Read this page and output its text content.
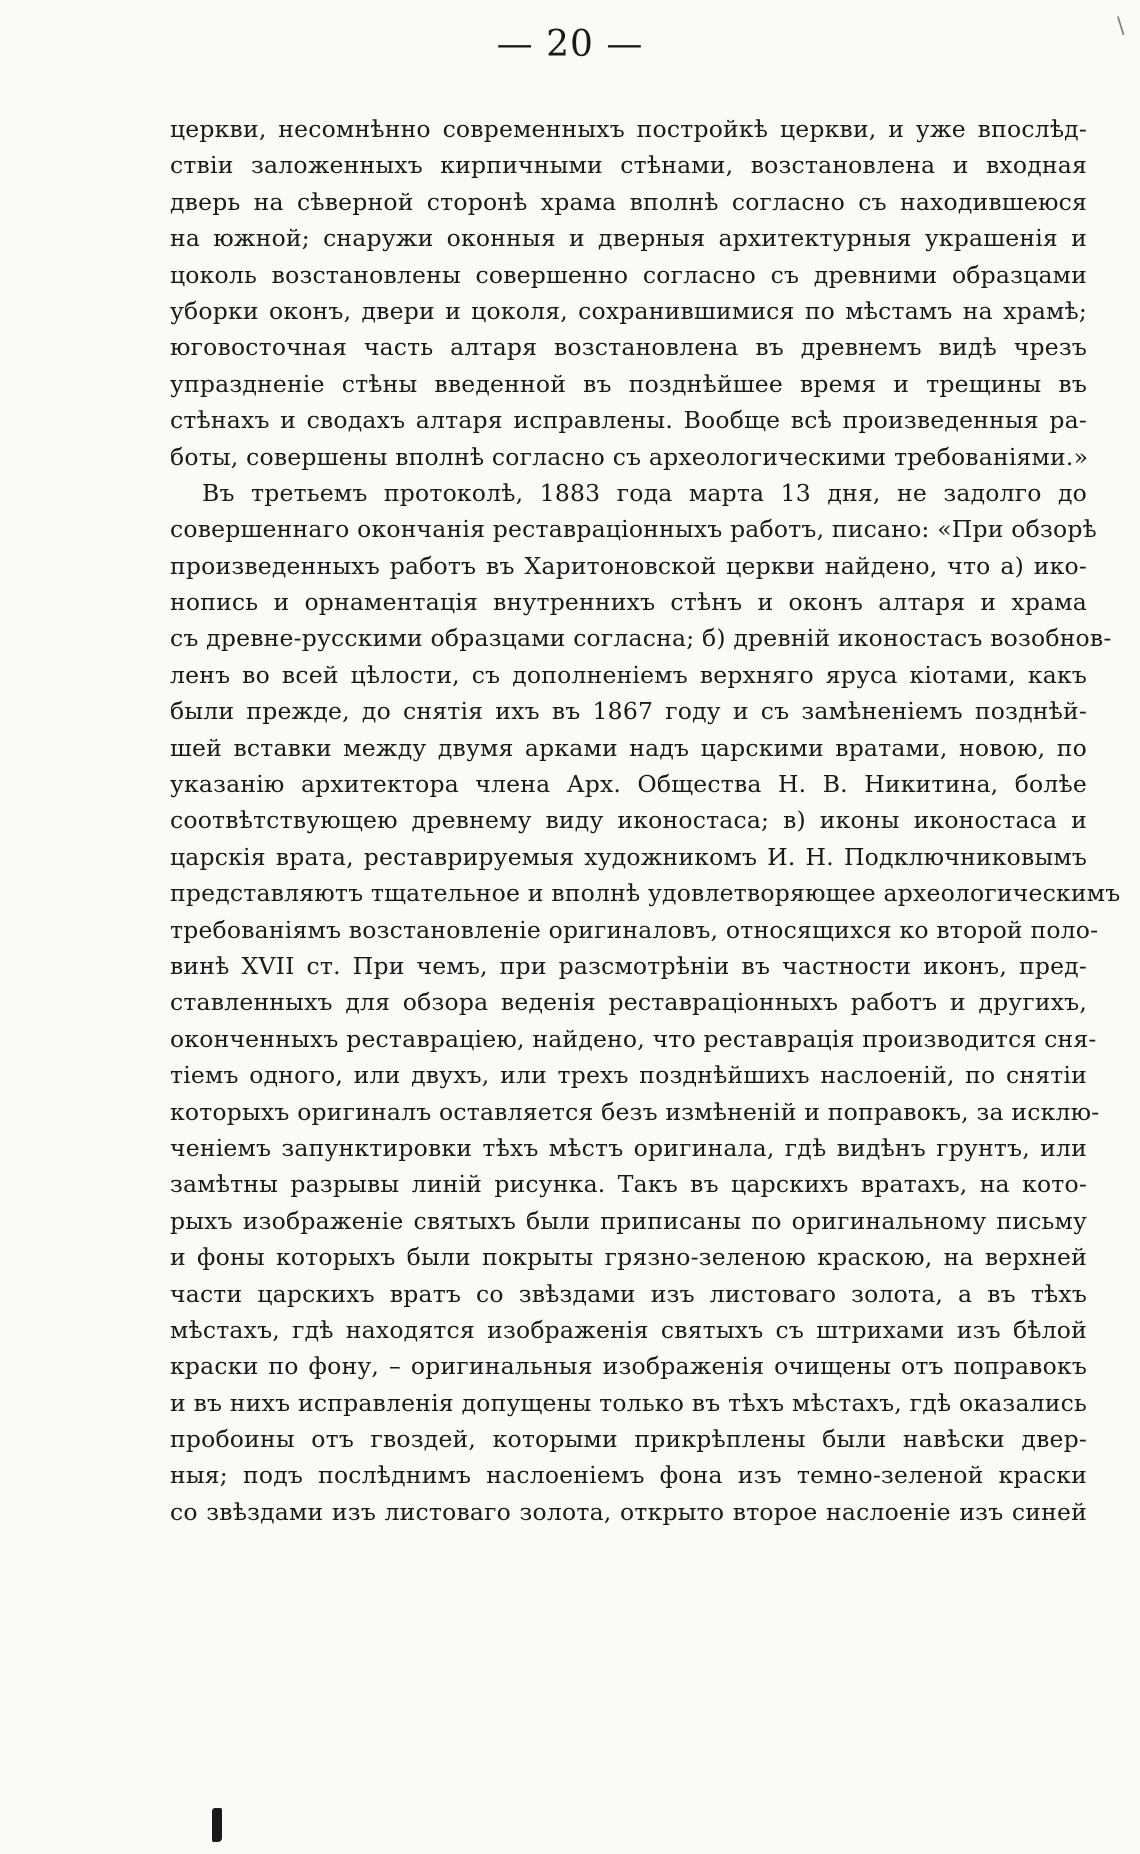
— 20 —	\
церкви, несомнѣнно современныхъ постройкѣ церкви, и уже впослѣд-
ствіи заложенныхъ кирпичными стѣнами, возстановлена и входная
дверь на сѣверной сторонѣ храма вполнѣ согласно съ находившеюся
на южной; снаружи оконныя и дверныя архитектурныя украшенія и
цоколь возстановлены совершенно согласно съ древними образцами
уборки оконъ, двери и цоколя, сохранившимися по мѣстамъ на храмѣ;
юговосточная часть алтаря возстановлена въ древнемъ видѣ чрезъ
упраздненіе стѣны введенной въ позднѣйшее время и трещины въ
стѣнахъ и сводахъ алтаря исправлены. Вообще всѣ произведенныя ра-
боты, совершены вполнѣ согласно съ археологическими требованіями.»
Въ третьемъ протоколѣ, 1883 года марта 13 дня, не задолго до
совершеннаго окончанія реставраціонныхъ работъ, писано: «При обзорѣ
произведенныхъ работъ въ Харитоновской церкви найдено, что а) ико-
нопись и орнаментація внутреннихъ стѣнъ и оконъ алтаря и храма
съ древне-русскими образцами согласна; б) древній иконостасъ возобнов-
ленъ во всей цѣлости, съ дополненіемъ верхняго яруса кіотами, какъ
были прежде, до снятія ихъ въ 1867 году и съ замѣненіемъ позднѣй-
шей вставки между двумя арками надъ царскими вратами, новою, по
указанію архитектора члена Арх. Общества Н. В. Никитина, болѣе
соотвѣтствующею древнему виду иконостаса; в) иконы иконостаса и
царскія врата, реставрируемыя художникомъ И. Н. Подключниковымъ
представляютъ тщательное и вполнѣ удовлетворяющее археологическимъ
требованіямъ возстановленіе оригиналовъ, относящихся ко второй поло-
винѣ XVII ст. При чемъ, при разсмотрѣніи въ частности иконъ, пред-
ставленныхъ для обзора веденія реставраціонныхъ работъ и другихъ,
оконченныхъ реставраціею, найдено, что реставрація производится сня-
тіемъ одного, или двухъ, или трехъ позднѣйшихъ наслоеній, по снятіи
которыхъ оригиналъ оставляется безъ измѣненій и поправокъ, за исклю-
ченіемъ запунктировки тѣхъ мѣстъ оригинала, гдѣ видѣнъ грунтъ, или
замѣтны разрывы линій рисунка. Такъ въ царскихъ вратахъ, на кото-
рыхъ изображеніе святыхъ были приписаны по оригинальному письму
и фоны которыхъ были покрыты грязно-зеленою краскою, на верхней
части царскихъ вратъ со звѣздами изъ листоваго золота, а въ тѣхъ
мѣстахъ, гдѣ находятся изображенія святыхъ съ штрихами изъ бѣлой
краски по фону, – оригинальныя изображенія очищены отъ поправокъ
и въ нихъ исправленія допущены только въ тѣхъ мѣстахъ, гдѣ оказались
пробоины отъ гвоздей, которыми прикрѣплены были навѣски двер-
ныя; подъ послѣднимъ наслоеніемъ фона изъ темно-зеленой краски
со звѣздами изъ листоваго золота, открыто второе наслоеніе изъ синей
